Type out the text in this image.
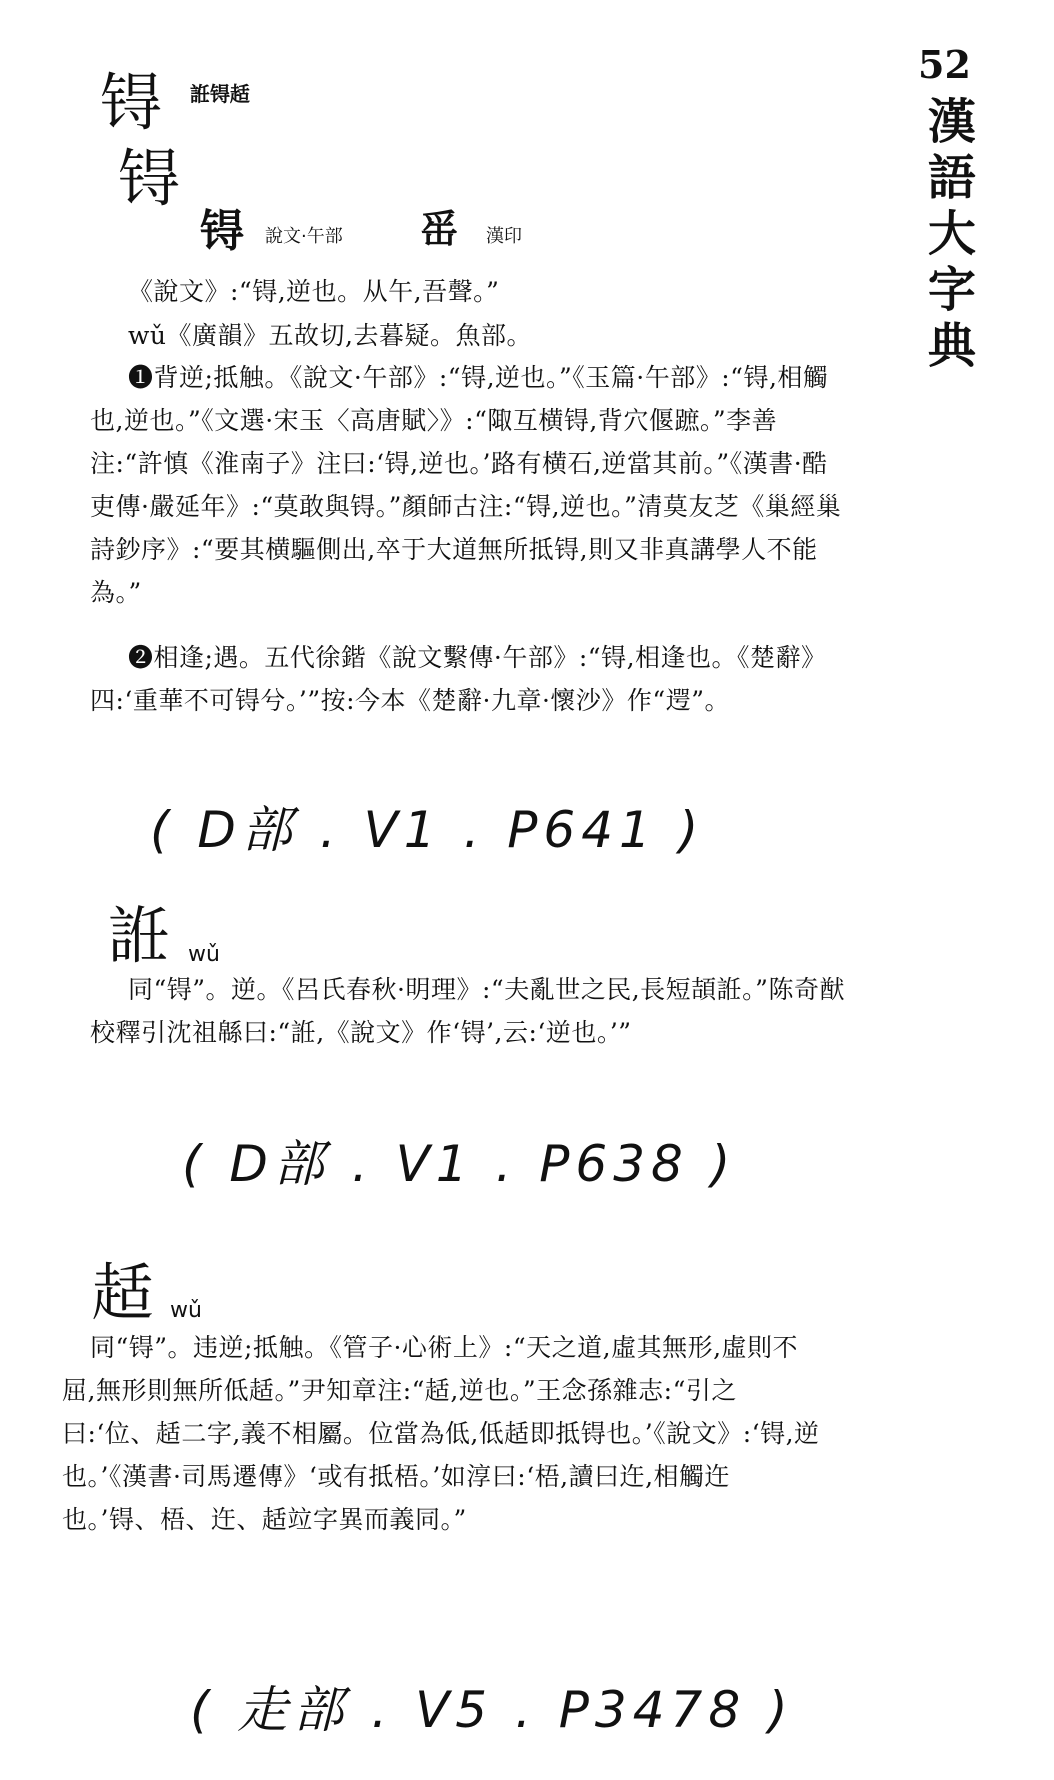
52
漢語大字典
锝 䛘锝趏
锝
锝 說文·午部 䍃 漢印
《說文》:“锝,逆也。从午,吾聲。”
wǔ《廣韻》五故切,去暮疑。魚部。
❶背逆;抵触。《說文·午部》:“锝,逆也。”《玉篇·午部》:“锝,相觸也,逆也。”《文選·宋玉〈高唐賦〉》:“陬互横锝,背穴偃蹠。”李善注:“許慎《淮南子》注曰:‘锝,逆也。’路有横石,逆當其前。”《漢書·酷吏傳·嚴延年》:“莫敢與锝。”顏師古注:“锝,逆也。”清莫友芝《巢經巢詩鈔序》:“要其横驅側出,卒于大道無所抵锝,則又非真講學人不能為。”
❷相逢;遇。五代徐鍇《說文繫傳·午部》:“锝,相逢也。《楚辭》四:‘重華不可锝兮。’”按:今本《楚辭·九章·懷沙》作“遌”。
( D部 . V1 . P641 )
䛘 wǔ
同“锝”。逆。《呂氏春秋·明理》:“夫亂世之民,長短頡䛘。”陈奇猷校釋引沈祖緜曰:“䛘,《說文》作‘锝’,云:‘逆也。’”
( D部 . V1 . P638 )
趏 wǔ
同“锝”。违逆;抵触。《管子·心術上》:“天之道,虛其無形,虛則不屈,無形則無所低趏。”尹知章注:“趏,逆也。”王念孫雜志:“引之曰:‘位、趏二字,義不相屬。位當為低,低趏即抵锝也。’《說文》:‘锝,逆也。’《漢書·司馬遷傳》‘或有抵梧。’如淳曰:‘梧,讀曰迕,相觸迕也。’锝、梧、迕、趏竝字異而義同。”
( 走部 . V5 . P3478 )
